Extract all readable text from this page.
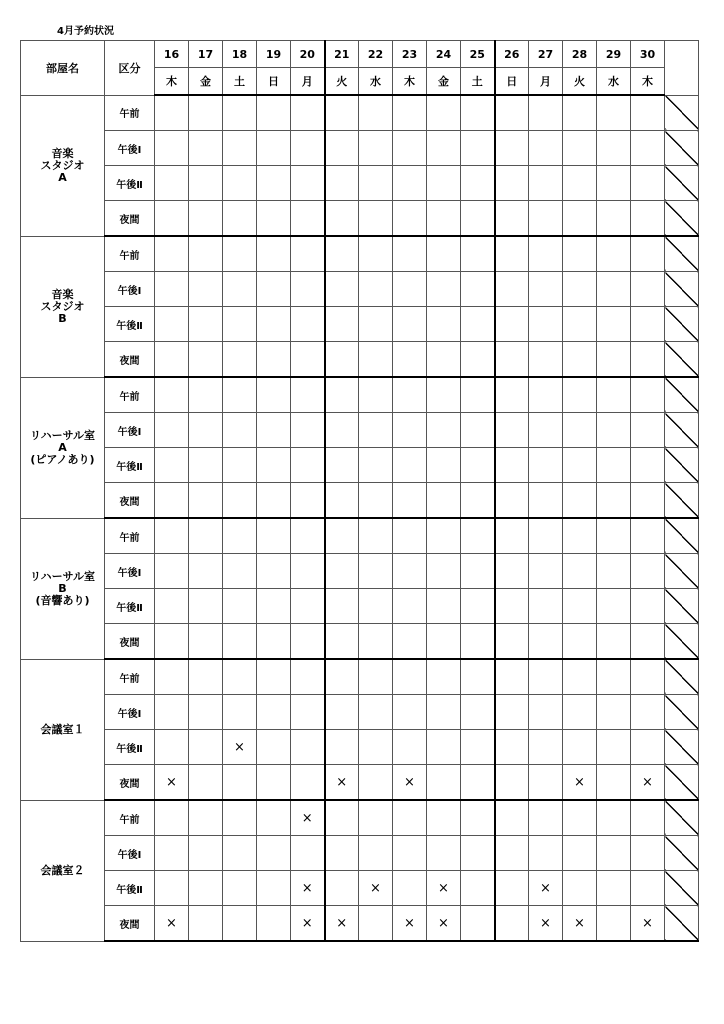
4月予約状況
部屋名	区分	16	17	18	19	20	21	22	23	24	25	26	27	28	29	30	
		木	金	土	日	月	火	水	木	金	土	日	月	火	水	木	

音楽
スタジオ
A	午前																
	午後Ⅰ																
	午後Ⅱ																
	夜間																

音楽
スタジオ
B	午前																
	午後Ⅰ																
	午後Ⅱ																
	夜間																

リハーサル室
A
(ピアノあり)	午前																
	午後Ⅰ																
	午後Ⅱ																
	夜間																

リハーサル室
B
(音響あり)	午前																
	午後Ⅰ																
	午後Ⅱ																
	夜間																

会議室１	午前																
	午後Ⅰ																
	午後Ⅱ			×													
	夜間	×					×		×					×		×	

会議室２	午前					×											
	午後Ⅰ																
	午後Ⅱ					×		×		×			×				
	夜間	×				×	×		×	×			×	×		×	
